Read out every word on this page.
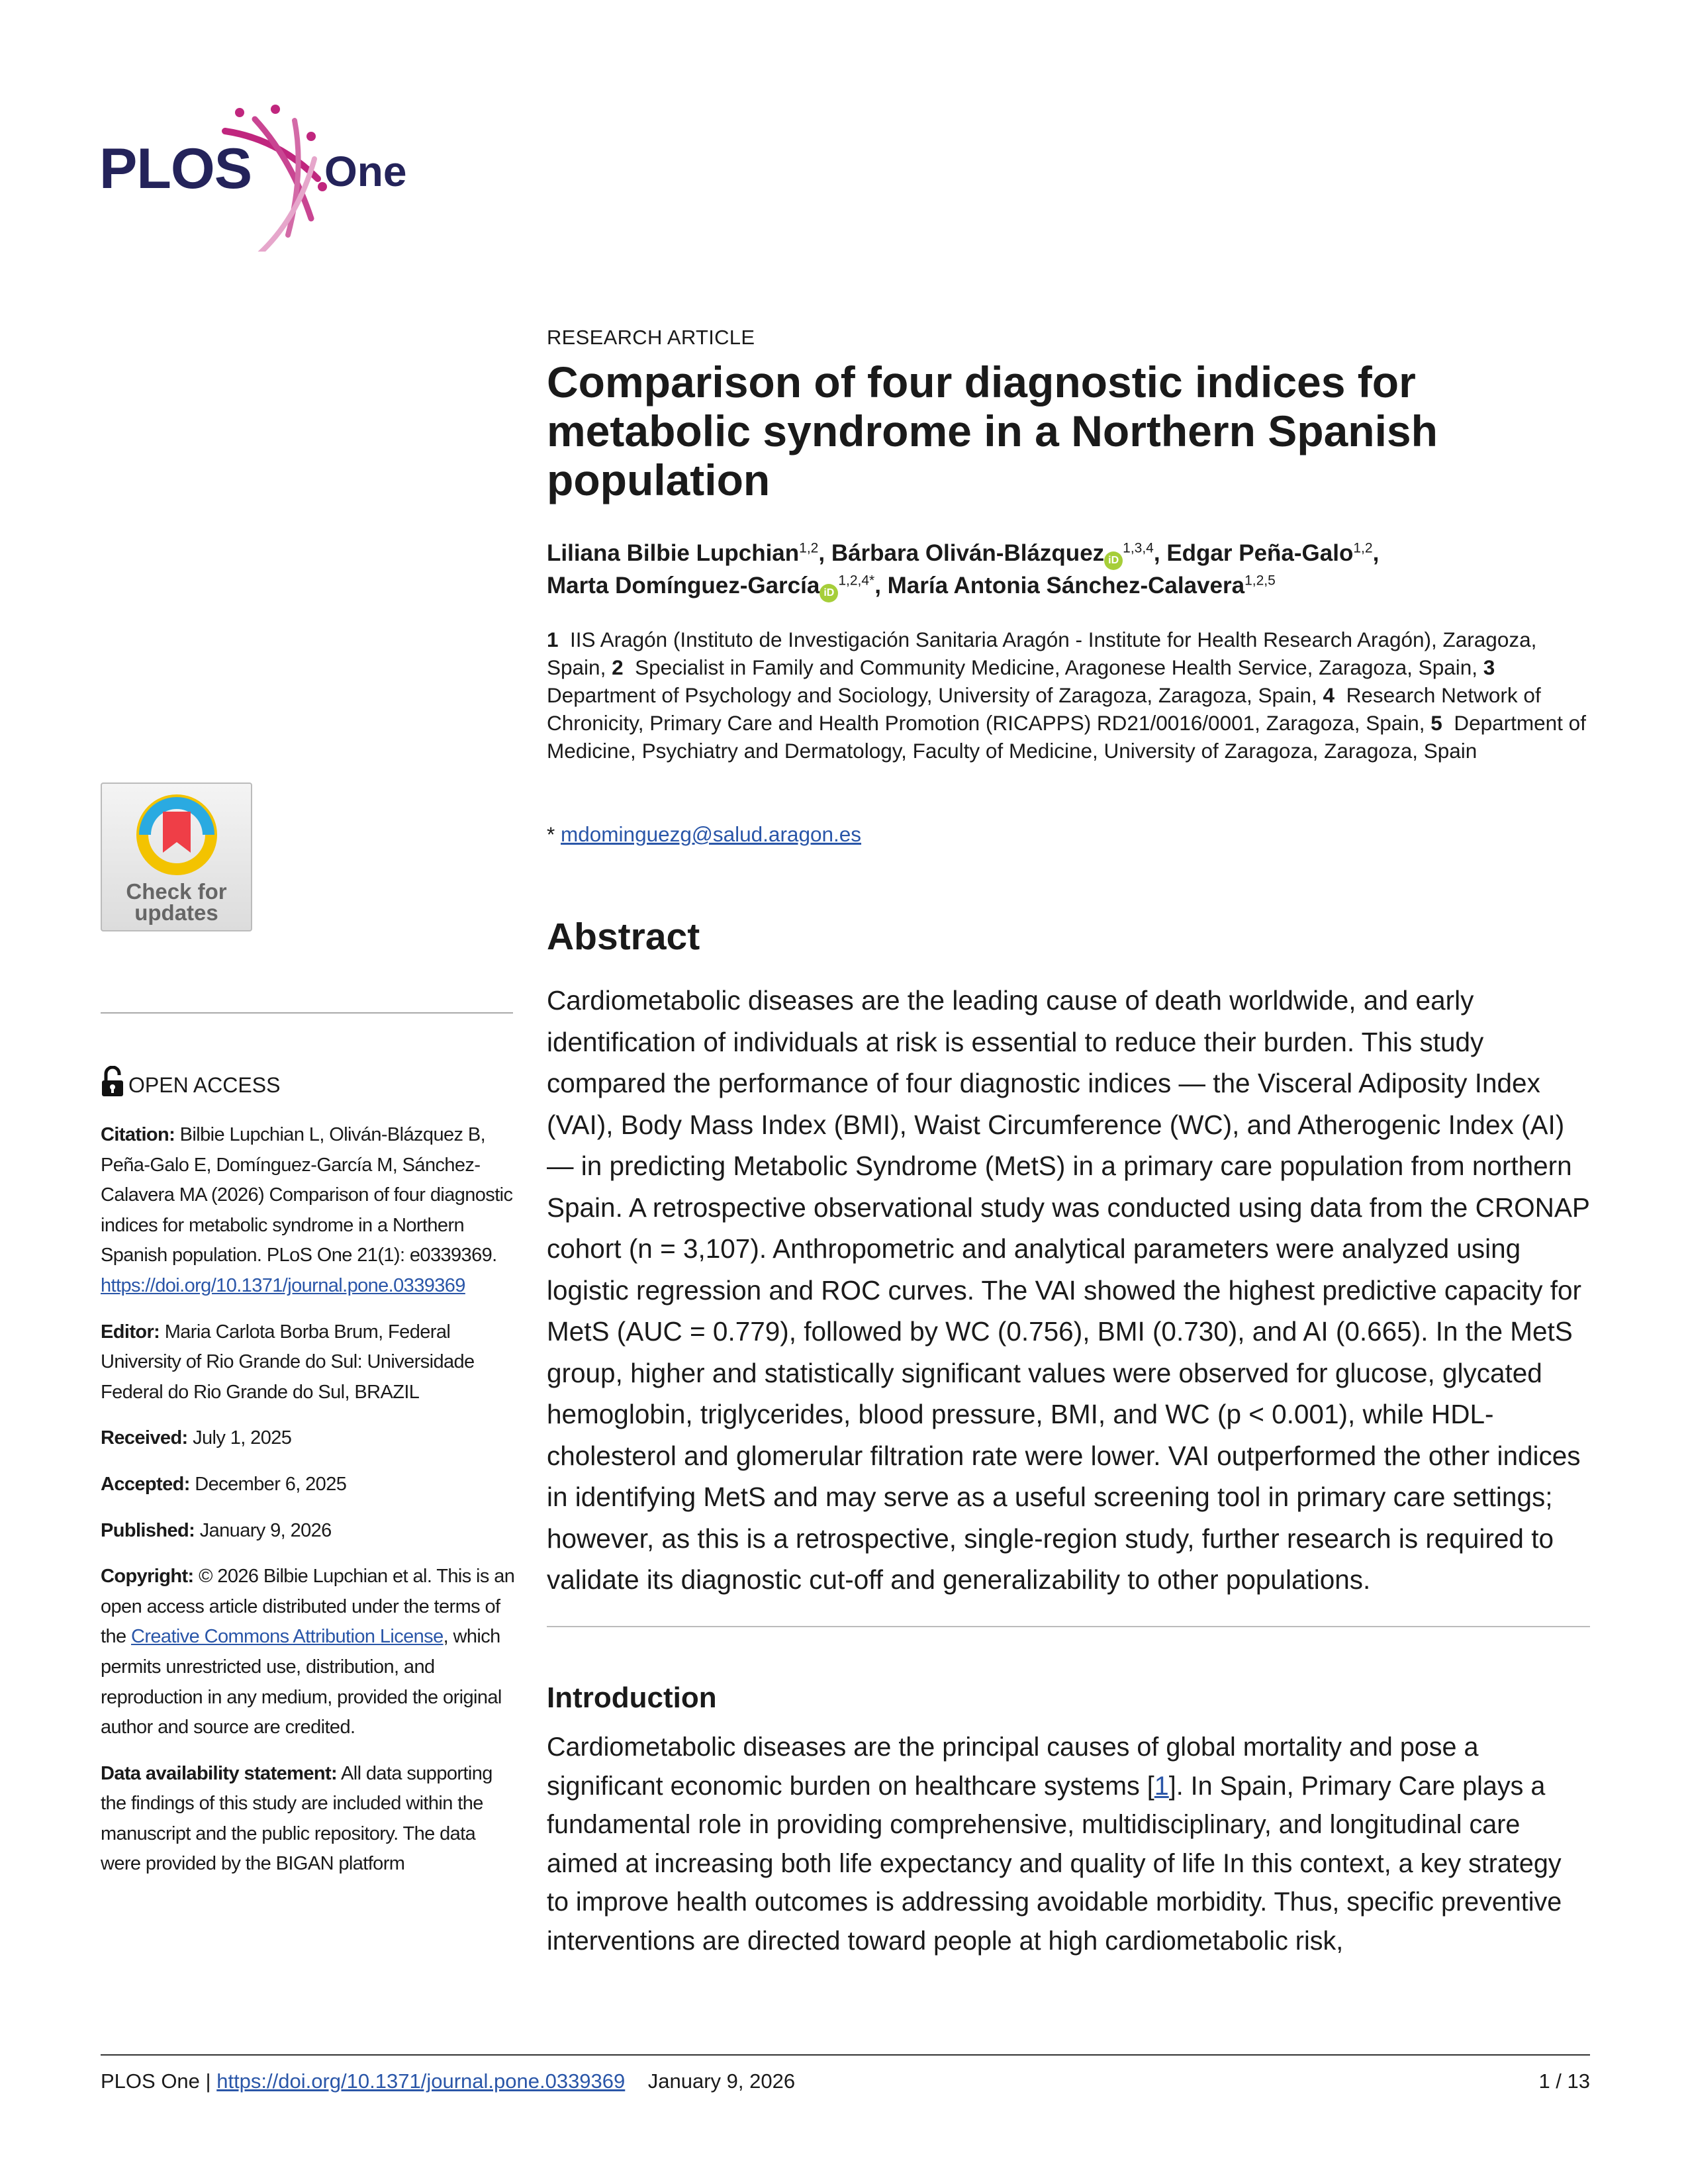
PLOS One
RESEARCH ARTICLE
Comparison of four diagnostic indices for metabolic syndrome in a Northern Spanish population
Liliana Bilbie Lupchian$^{1,2}$, Bárbara Oliván-Blázquez iD$^{1,3,4}$, Edgar Peña-Galo$^{1,2}$,
Marta Domínguez-García $iD^{1,2,4*}$, María Antonia Sánchez-Calavera$^{1,2,5}$
1 IIS Aragón (Instituto de Investigación Sanitaria Aragón - Institute for Health Research Aragón), Zaragoza, Spain, 2 Specialist in Family and Community Medicine, Aragonese Health Service, Zaragoza, Spain, 3  Department of Psychology and Sociology, University of Zaragoza, Zaragoza, Spain, 4 Research Network of Chronicity, Primary Care and Health Promotion (RICAPPS) RD21/0016/0001, Zaragoza, Spain, 5 Department of Medicine, Psychiatry and Dermatology, Faculty of Medicine, University of Zaragoza, Zaragoza, Spain
* mdominguezg@salud.aragon.es
Abstract

Cardiometabolic diseases are the leading cause of death worldwide, and early identification of individuals at risk is essential to reduce their burden. This study compared the performance of four diagnostic indices — the Visceral Adiposity Index (VAI), Body Mass Index (BMI), Waist Circumference (WC), and Atherogenic Index (AI) — in predicting Metabolic Syndrome (MetS) in a primary care population from northern Spain. A retrospective observational study was conducted using data from the CRONAP cohort (n = 3,107). Anthropometric and analytical parameters were analyzed using logistic regression and ROC curves. The VAI showed the highest predictive capacity for MetS (AUC = 0.779), followed by WC (0.756), BMI (0.730), and AI (0.665). In the MetS group, higher and statistically significant values were observed for glucose, glycated hemoglobin, triglycerides, blood pressure, BMI, and WC (p < 0.001), while HDL-cholesterol and glomerular filtration rate were lower. VAI outperformed the other indices in identifying MetS and may serve as a useful screening tool in primary care settings; however, as this is a retrospective, single-region study, further research is required to validate its diagnostic cut-off and generalizability to other populations.

Introduction

Cardiometabolic diseases are the principal causes of global mortality and pose a significant economic burden on healthcare systems [1]. In Spain, Primary Care plays a fundamental role in providing comprehensive, multidisciplinary, and longitudinal care aimed at increasing both life expectancy and quality of life In this context, a key strategy to improve health outcomes is addressing avoidable morbidity. Thus, specific preventive interventions are directed toward people at high cardiometabolic risk,

Check for
updates
OPEN ACCESS

Citation: Bilbie Lupchian L, Oliván-Blázquez B, Peña-Galo E, Domínguez-García M, Sánchez-Calavera MA (2026) Comparison of four diagnostic indices for metabolic syndrome in a Northern Spanish population. PLoS One 21(1): e0339369. https://doi.org/10.1371/journal.pone.0339369

Editor: Maria Carlota Borba Brum, Federal University of Rio Grande do Sul: Universidade Federal do Rio Grande do Sul, BRAZIL

Received: July 1, 2025

Accepted: December 6, 2025

Published: January 9, 2026

Copyright: © 2026 Bilbie Lupchian et al. This is an open access article distributed under the terms of the Creative Commons Attribution License, which permits unrestricted use, distribution, and reproduction in any medium, provided the original author and source are credited.

Data availability statement: All data supporting the findings of this study are included within the manuscript and the public repository. The data were provided by the BIGAN platform

PLOS One |
https://doi.org/10.1371/journal.pone.0339369
January 9, 2026	1 / 13
